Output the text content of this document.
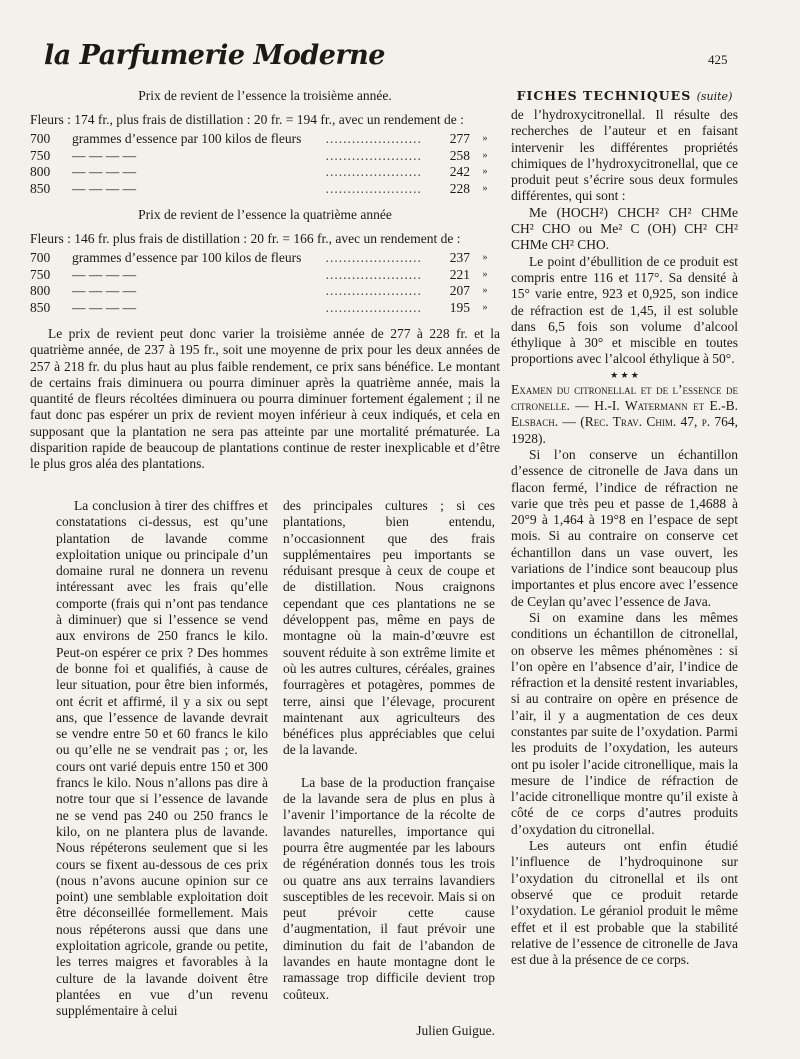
la Parfumerie Moderne	425

Prix de revient de l’essence la troisième année.

Fleurs : 174 fr., plus frais de distillation : 20 fr. = 194 fr., avec un rendement de :

700	grammes d’essence par 100 kilos de fleurs	......................	277	»
750	— — — —	......................	258	»
800	— — — —	......................	242	»
850	— — — —	......................	228	»

Prix de revient de l’essence la quatrième année

Fleurs : 146 fr. plus frais de distillation : 20 fr. = 166 fr., avec un rendement de :

700	grammes d’essence par 100 kilos de fleurs	......................	237	»
750	— — — —	......................	221	»
800	— — — —	......................	207	»
850	— — — —	......................	195	»

Le prix de revient peut donc varier la troisième année de 277 à 228 fr. et la quatrième année, de 237 à 195 fr., soit une moyenne de prix pour les deux années de 257 à 218 fr. du plus haut au plus faible rendement, ce prix sans bénéfice. Le montant de certains frais diminuera ou pourra diminuer après la quatrième année, mais la quantité de fleurs récoltées diminuera ou pourra diminuer fortement également ; il ne faut donc pas espérer un prix de revient moyen inférieur à ceux indiqués, et cela en supposant que la plantation ne sera pas atteinte par une mortalité prématurée. La disparition rapide de beaucoup de plantations continue de rester inexplicable et d’être le plus gros aléa des plantations.

La conclusion à tirer des chiffres et constatations ci-dessus, est qu’une plantation de lavande comme exploitation unique ou principale d’un domaine rural ne donnera un revenu intéressant avec les frais qu’elle comporte (frais qui n’ont pas tendance à diminuer) que si l’essence se vend aux environs de 250 francs le kilo. Peut-on espérer ce prix ? Des hommes de bonne foi et qualifiés, à cause de leur situation, pour être bien informés, ont écrit et affirmé, il y a six ou sept ans, que l’essence de lavande devrait se vendre entre 50 et 60 francs le kilo ou qu’elle ne se vendrait pas ; or, les cours ont varié depuis entre 150 et 300 francs le kilo. Nous n’allons pas dire à notre tour que si l’essence de lavande ne se vend pas 240 ou 250 francs le kilo, on ne plantera plus de lavande. Nous répéterons seulement que si les cours se fixent au-dessous de ces prix (nous n’avons aucune opinion sur ce point) une semblable exploitation doit être déconseillée formellement. Mais nous répéterons aussi que dans une exploitation agricole, grande ou petite, les terres maigres et favorables à la culture de la lavande doivent être plantées en vue d’un revenu supplémentaire à celui

des principales cultures ; si ces plantations, bien entendu, n’occasionnent que des frais supplémentaires peu importants se réduisant presque à ceux de coupe et de distillation. Nous craignons cependant que ces plantations ne se développent pas, même en pays de montagne où la main-d’œuvre est souvent réduite à son extrême limite et où les autres cultures, céréales, graines fourragères et potagères, pommes de terre, ainsi que l’élevage, procurent maintenant aux agriculteurs des bénéfices plus appréciables que celui de la lavande.

La base de la production française de la lavande sera de plus en plus à l’avenir l’importance de la récolte de lavandes naturelles, importance qui pourra être augmentée par les labours de régénération donnés tous les trois ou quatre ans aux terrains lavandiers susceptibles de les recevoir. Mais si on peut prévoir cette cause d’augmentation, il faut prévoir une diminution du fait de l’abandon de lavandes en haute montagne dont le ramassage trop difficile devient trop coûteux.

Julien Guigue.
FICHES TECHNIQUES (suite)

de l’hydroxycitronellal. Il résulte des recherches de l’auteur et en faisant intervenir les différentes propriétés chimiques de l’hydroxycitronellal, que ce produit peut s’écrire sous deux formules différentes, qui sont :

Me (HOCH²) CHCH² CH² CHMe CH² CHO ou Me² C (OH) CH² CH² CHMe CH² CHO.

Le point d’ébullition de ce produit est compris entre 116 et 117°. Sa densité à 15° varie entre, 923 et 0,925, son indice de réfraction est de 1,45, il est soluble dans 6,5 fois son volume d’alcool éthylique à 30° et miscible en toutes proportions avec l’alcool éthylique à 50°.

★ ★ ★

Examen du citronellal et de l’essence de citronelle. — H.-I. Watermann et E.-B. Elsbach. — (Rec. Trav. Chim. 47, p. 764, 1928).

Si l’on conserve un échantillon d’essence de citronelle de Java dans un flacon fermé, l’indice de réfraction ne varie que très peu et passe de 1,4688 à 20°9 à 1,464 à 19°8 en l’espace de sept mois. Si au contraire on conserve cet échantillon dans un vase ouvert, les variations de l’indice sont beaucoup plus importantes et plus encore avec l’essence de Ceylan qu’avec l’essence de Java.

Si on examine dans les mêmes conditions un échantillon de citronellal, on observe les mêmes phénomènes : si l’on opère en l’absence d’air, l’indice de réfraction et la densité restent invariables, si au contraire on opère en présence de l’air, il y a augmentation de ces deux constantes par suite de l’oxydation. Parmi les produits de l’oxydation, les auteurs ont pu isoler l’acide citronellique, mais la mesure de l’indice de réfraction de l’acide citronellique montre qu’il existe à côté de ce corps d’autres produits d’oxydation du citronellal.

Les auteurs ont enfin étudié l’influence de l’hydroquinone sur l’oxydation du citronellal et ils ont observé que ce produit retarde l’oxydation. Le géraniol produit le même effet et il est probable que la stabilité relative de l’essence de citronelle de Java est due à la présence de ce corps.
